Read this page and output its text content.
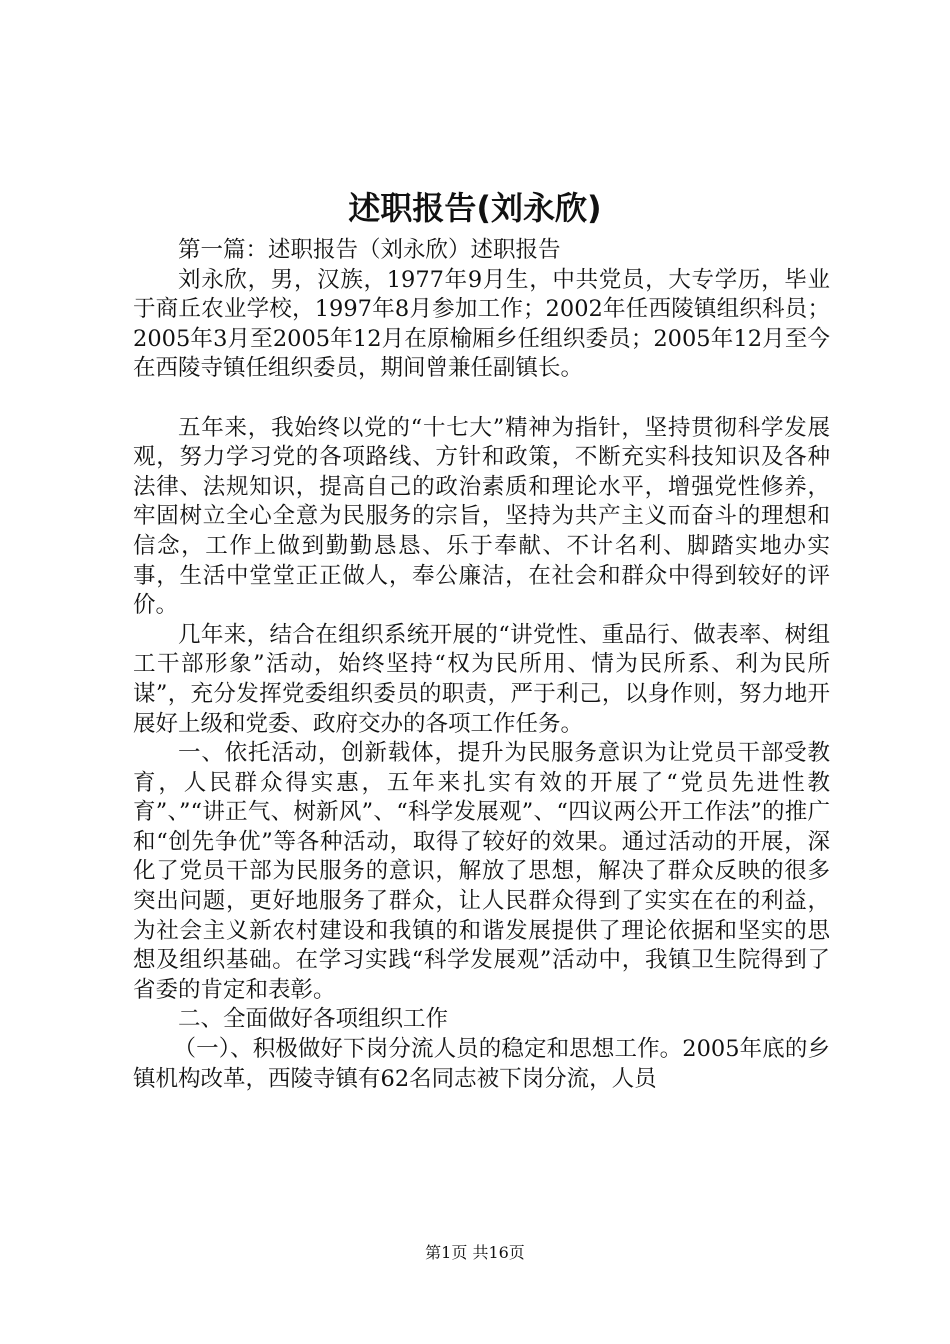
述职报告(刘永欣)

第一篇：述职报告（刘永欣）述职报告

刘永欣，男，汉族，1977年9月生，中共党员，大专学历，毕业于商丘农业学校，1997年8月参加工作；2002年任西陵镇组织科员；2005年3月至2005年12月在原榆厢乡任组织委员；2005年12月至今在西陵寺镇任组织委员，期间曾兼任副镇长。

五年来，我始终以党的“十七大”精神为指针，坚持贯彻科学发展观，努力学习党的各项路线、方针和政策，不断充实科技知识及各种法律、法规知识，提高自己的政治素质和理论水平，增强党性修养，牢固树立全心全意为民服务的宗旨，坚持为共产主义而奋斗的理想和信念，工作上做到勤勤恳恳、乐于奉献、不计名利、脚踏实地办实事，生活中堂堂正正做人，奉公廉洁，在社会和群众中得到较好的评价。

几年来，结合在组织系统开展的“讲党性、重品行、做表率、树组工干部形象”活动，始终坚持“权为民所用、情为民所系、利为民所谋”，充分发挥党委组织委员的职责，严于利己，以身作则，努力地开展好上级和党委、政府交办的各项工作任务。

一、依托活动，创新载体，提升为民服务意识为让党员干部受教育，人民群众得实惠，五年来扎实有效的开展了“党员先进性教育”、”“讲正气、树新风”、“科学发展观”、“四议两公开工作法”的推广和“创先争优”等各种活动，取得了较好的效果。通过活动的开展，深化了党员干部为民服务的意识，解放了思想，解决了群众反映的很多突出问题，更好地服务了群众，让人民群众得到了实实在在的利益，为社会主义新农村建设和我镇的和谐发展提供了理论依据和坚实的思想及组织基础。在学习实践“科学发展观”活动中，我镇卫生院得到了省委的肯定和表彰。

二、全面做好各项组织工作

（一）、积极做好下岗分流人员的稳定和思想工作。2005年底的乡镇机构改革，西陵寺镇有62名同志被下岗分流，人员

第1页 共16页
